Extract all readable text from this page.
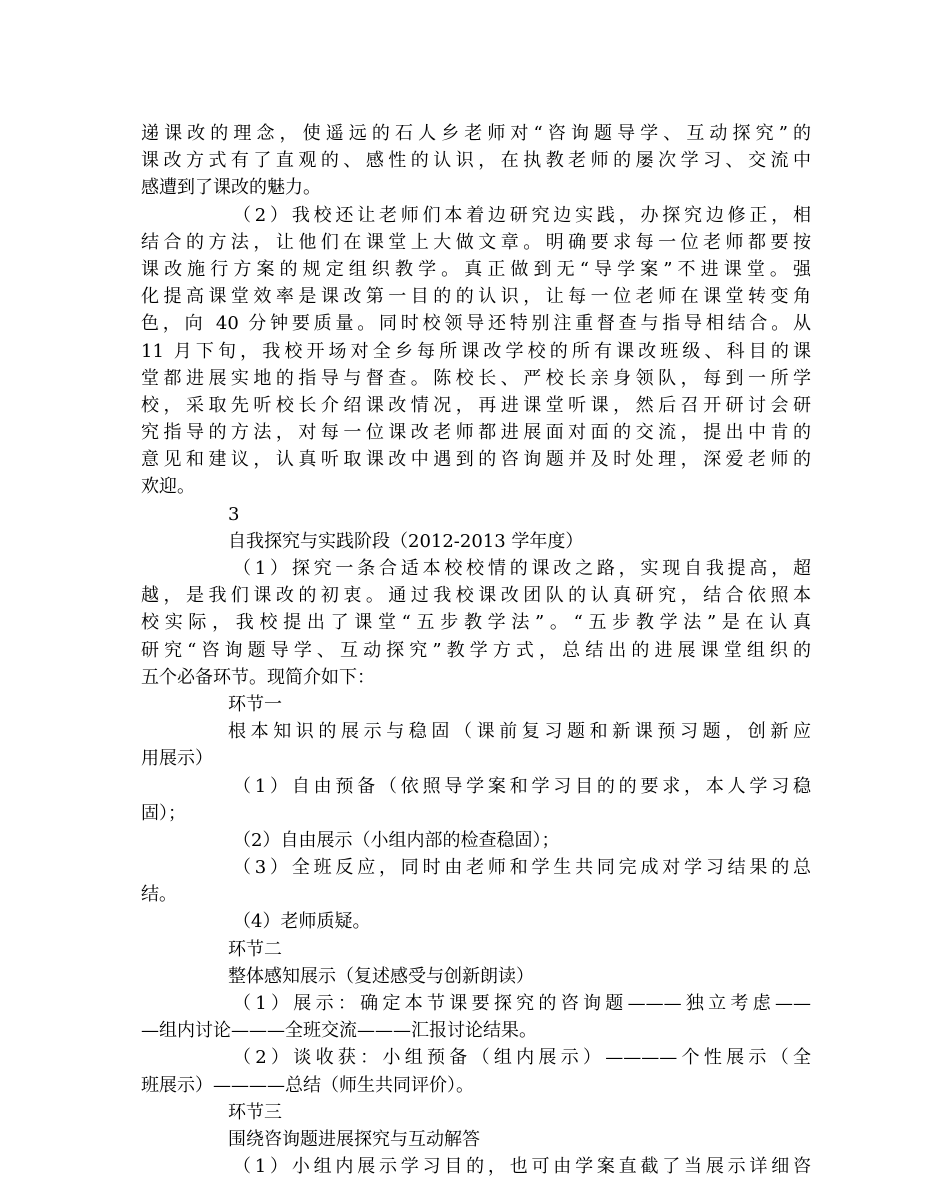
递课改的理念，使遥远的石人乡老师对“咨询题导学、互动探究”的
课改方式有了直观的、感性的认识，在执教老师的屡次学习、交流中
感遭到了课改的魅力。
（2）我校还让老师们本着边研究边实践，办探究边修正，相
结合的方法，让他们在课堂上大做文章。明确要求每一位老师都要按
课改施行方案的规定组织教学。真正做到无“导学案”不进课堂。强
化提高课堂效率是课改第一目的的认识，让每一位老师在课堂转变角
色，向 40 分钟要质量。同时校领导还特别注重督查与指导相结合。从
11 月下旬，我校开场对全乡每所课改学校的所有课改班级、科目的课
堂都进展实地的指导与督查。陈校长、严校长亲身领队，每到一所学
校，采取先听校长介绍课改情况，再进课堂听课，然后召开研讨会研
究指导的方法，对每一位课改老师都进展面对面的交流，提出中肯的
意见和建议，认真听取课改中遇到的咨询题并及时处理，深爱老师的
欢迎。
3
自我探究与实践阶段（2012-2013 学年度）
（1）探究一条合适本校校情的课改之路，实现自我提高，超
越，是我们课改的初衷。通过我校课改团队的认真研究，结合依照本
校实际，我校提出了课堂“五步教学法”。“五步教学法”是在认真
研究“咨询题导学、互动探究”教学方式，总结出的进展课堂组织的
五个必备环节。现简介如下：
环节一
根本知识的展示与稳固（课前复习题和新课预习题，创新应
用展示）
（1）自由预备（依照导学案和学习目的的要求，本人学习稳
固）；
（2）自由展示（小组内部的检查稳固）；
（3）全班反应，同时由老师和学生共同完成对学习结果的总
结。
（4）老师质疑。
环节二
整体感知展示（复述感受与创新朗读）
（1）展示：确定本节课要探究的咨询题———独立考虑——
—组内讨论———全班交流———汇报讨论结果。
（2）谈收获：小组预备（组内展示）————个性展示（全
班展示）————总结（师生共同评价）。
环节三
围绕咨询题进展探究与互动解答
（1）小组内展示学习目的，也可由学案直截了当展示详细咨
